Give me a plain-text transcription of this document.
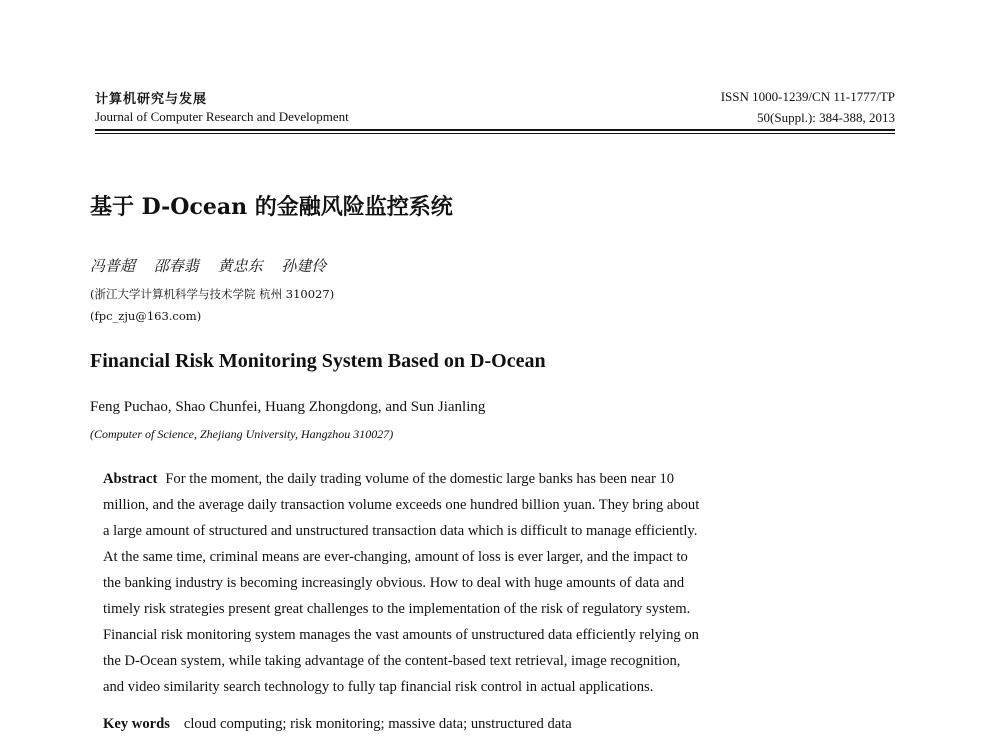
计算机研究与发展
Journal of Computer Research and Development
ISSN 1000-1239/CN 11-1777/TP
50(Suppl.): 384-388, 2013
基于 D-Ocean 的金融风险监控系统
冯普超 邵春翡 黄忠东 孙建伶
(浙江大学计算机科学与技术学院 杭州 310027)
(fpc_zju@163.com)
Financial Risk Monitoring System Based on D-Ocean
Feng Puchao, Shao Chunfei, Huang Zhongdong, and Sun Jianling
(Computer of Science, Zhejiang University, Hangzhou 310027)
Abstract For the moment, the daily trading volume of the domestic large banks has been near 10
million, and the average daily transaction volume exceeds one hundred billion yuan. They bring about
a large amount of structured and unstructured transaction data which is difficult to manage efficiently.
At the same time, criminal means are ever-changing, amount of loss is ever larger, and the impact to
the banking industry is becoming increasingly obvious. How to deal with huge amounts of data and
timely risk strategies present great challenges to the implementation of the risk of regulatory system.
Financial risk monitoring system manages the vast amounts of unstructured data efficiently relying on
the D-Ocean system, while taking advantage of the content-based text retrieval, image recognition,
and video similarity search technology to fully tap financial risk control in actual applications.
Key words cloud computing; risk monitoring; massive data; unstructured data
